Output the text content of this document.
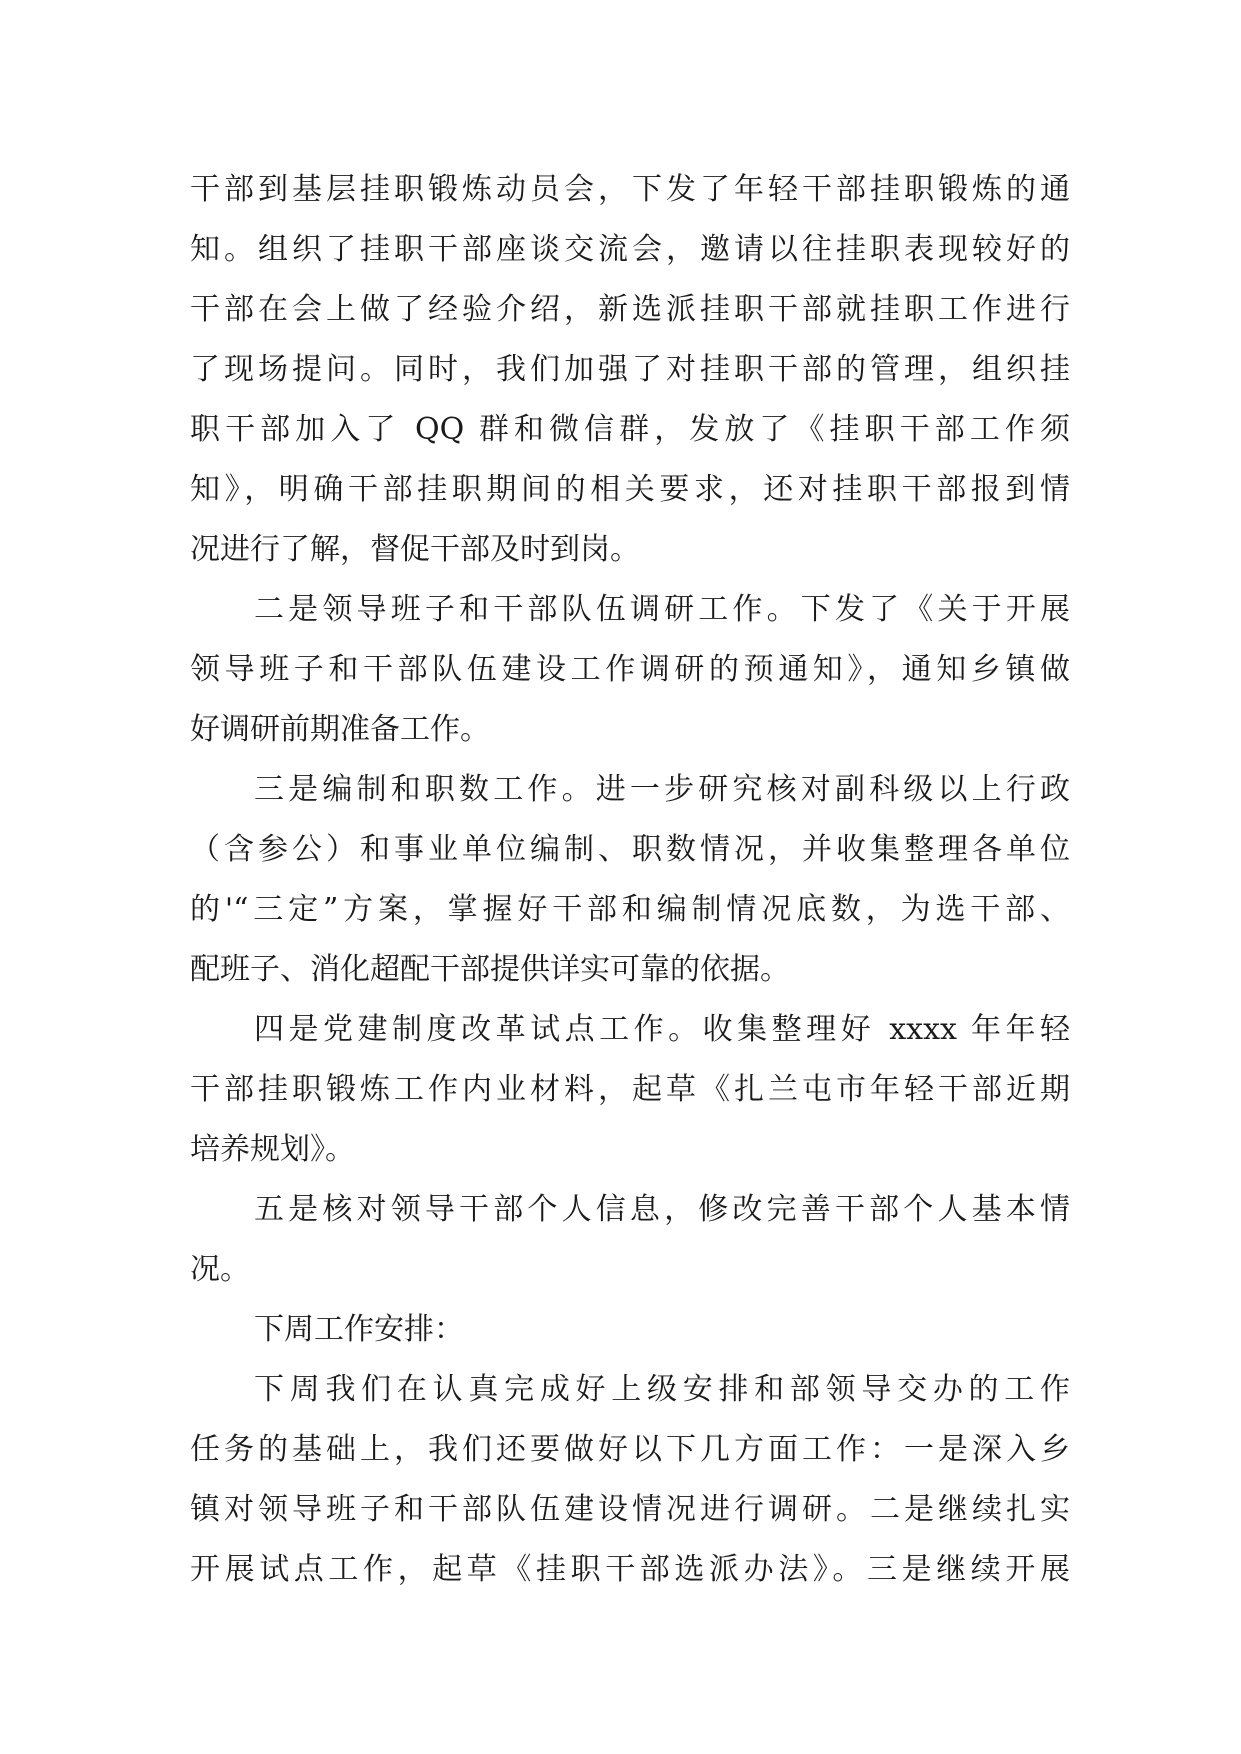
干部到基层挂职锻炼动员会，下发了年轻干部挂职锻炼的通
知。组织了挂职干部座谈交流会，邀请以往挂职表现较好的
干部在会上做了经验介绍，新选派挂职干部就挂职工作进行
了现场提问。同时，我们加强了对挂职干部的管理，组织挂
职干部加入了 QQ 群和微信群，发放了《挂职干部工作须
知》，明确干部挂职期间的相关要求，还对挂职干部报到情
况进行了解，督促干部及时到岗。
二是领导班子和干部队伍调研工作。下发了《关于开展
领导班子和干部队伍建设工作调研的预通知》，通知乡镇做
好调研前期准备工作。
三是编制和职数工作。进一步研究核对副科级以上行政
（含参公）和事业单位编制、职数情况，并收集整理各单位
的'“三定”方案，掌握好干部和编制情况底数，为选干部、
配班子、消化超配干部提供详实可靠的依据。
四是党建制度改革试点工作。收集整理好 xxxx 年年轻
干部挂职锻炼工作内业材料，起草《扎兰屯市年轻干部近期
培养规划》。
五是核对领导干部个人信息，修改完善干部个人基本情
况。
下周工作安排：
下周我们在认真完成好上级安排和部领导交办的工作
任务的基础上，我们还要做好以下几方面工作：一是深入乡
镇对领导班子和干部队伍建设情况进行调研。二是继续扎实
开展试点工作，起草《挂职干部选派办法》。三是继续开展
